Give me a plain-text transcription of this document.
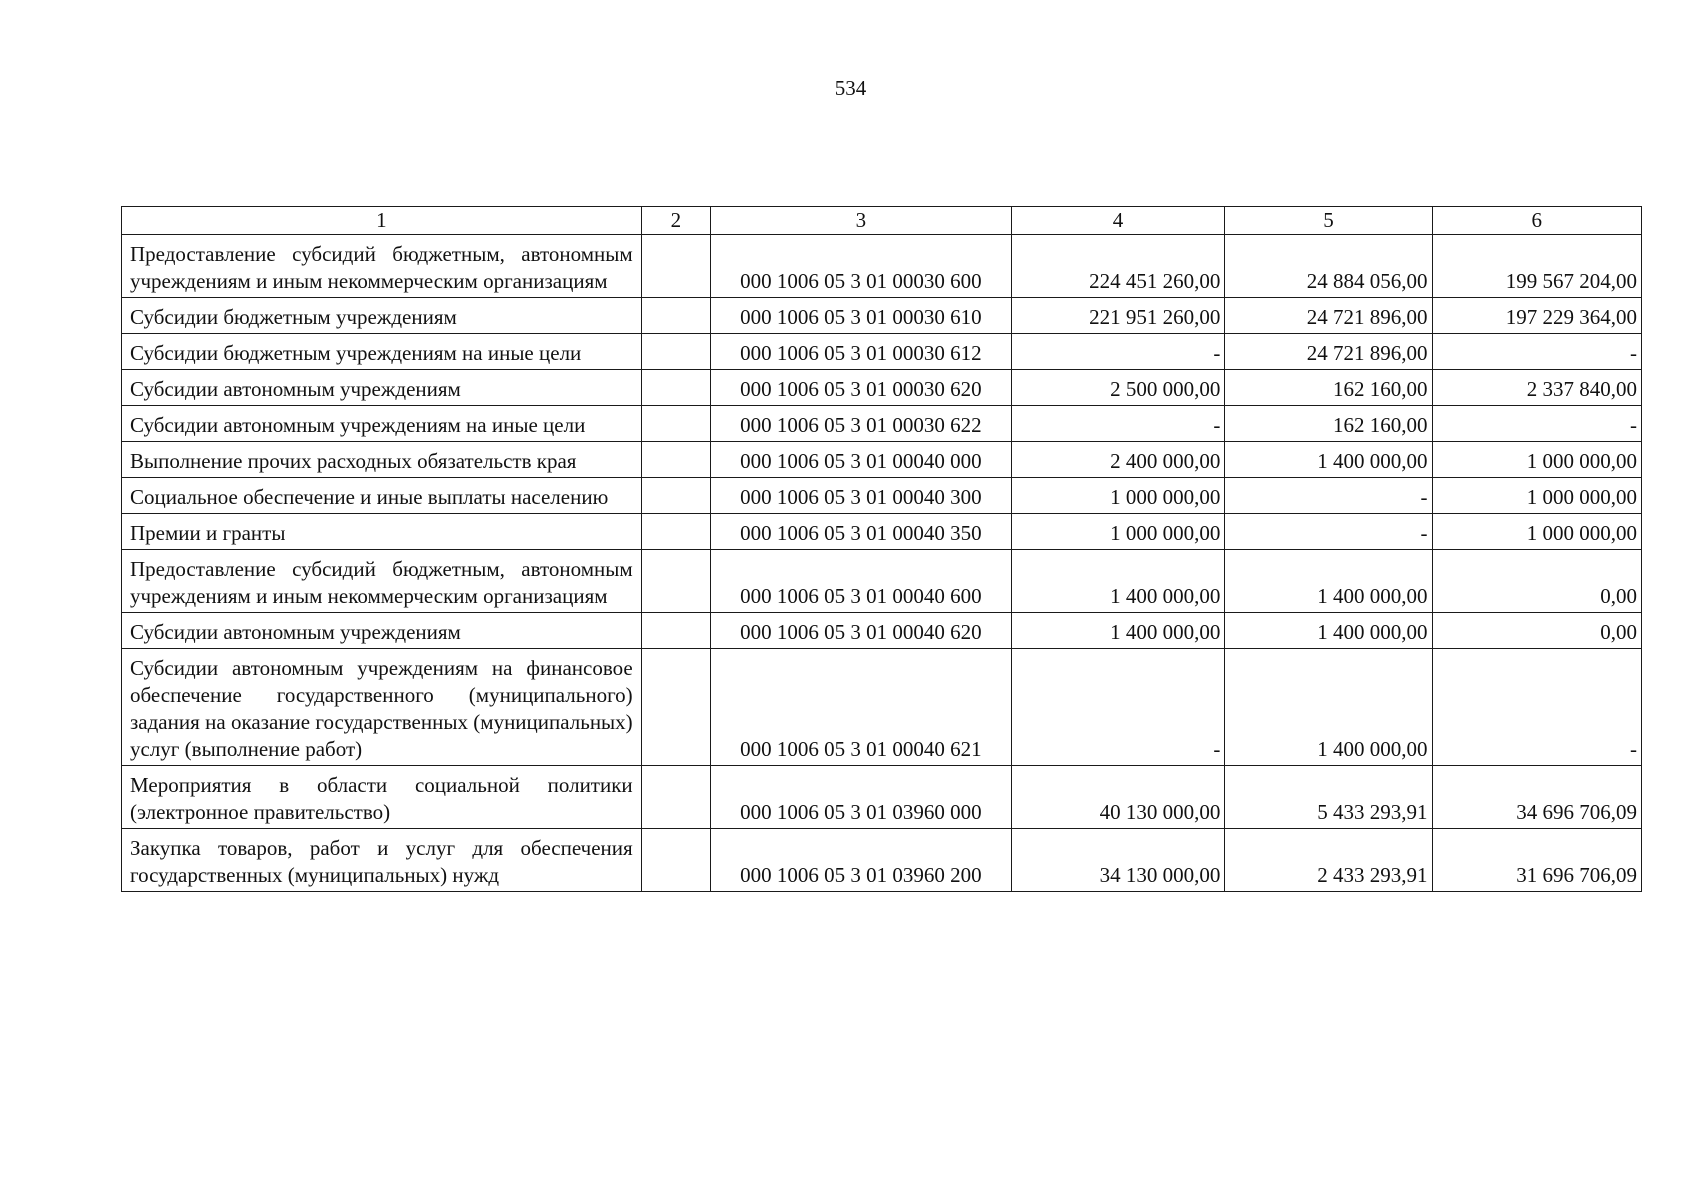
534
1	2	3	4	5	6
Предоставление субсидий бюджетным, автономным учреждениям и иным некоммерческим организациям		000 1006 05 3 01 00030 600	224 451 260,00	24 884 056,00	199 567 204,00
Субсидии бюджетным учреждениям		000 1006 05 3 01 00030 610	221 951 260,00	24 721 896,00	197 229 364,00
Субсидии бюджетным учреждениям на иные цели		000 1006 05 3 01 00030 612	-	24 721 896,00	-
Субсидии автономным учреждениям		000 1006 05 3 01 00030 620	2 500 000,00	162 160,00	2 337 840,00
Субсидии автономным учреждениям на иные цели		000 1006 05 3 01 00030 622	-	162 160,00	-
Выполнение прочих расходных обязательств края		000 1006 05 3 01 00040 000	2 400 000,00	1 400 000,00	1 000 000,00
Социальное обеспечение и иные выплаты населению		000 1006 05 3 01 00040 300	1 000 000,00	-	1 000 000,00
Премии и гранты		000 1006 05 3 01 00040 350	1 000 000,00	-	1 000 000,00
Предоставление субсидий бюджетным, автономным учреждениям и иным некоммерческим организациям		000 1006 05 3 01 00040 600	1 400 000,00	1 400 000,00	0,00
Субсидии автономным учреждениям		000 1006 05 3 01 00040 620	1 400 000,00	1 400 000,00	0,00
Субсидии автономным учреждениям на финансовое обеспечение государственного (муниципального) задания на оказание государственных (муниципальных) услуг (выполнение работ)		000 1006 05 3 01 00040 621	-	1 400 000,00	-
Мероприятия в области социальной политики (электронное правительство)		000 1006 05 3 01 03960 000	40 130 000,00	5 433 293,91	34 696 706,09
Закупка товаров, работ и услуг для обеспечения государственных (муниципальных) нужд		000 1006 05 3 01 03960 200	34 130 000,00	2 433 293,91	31 696 706,09
